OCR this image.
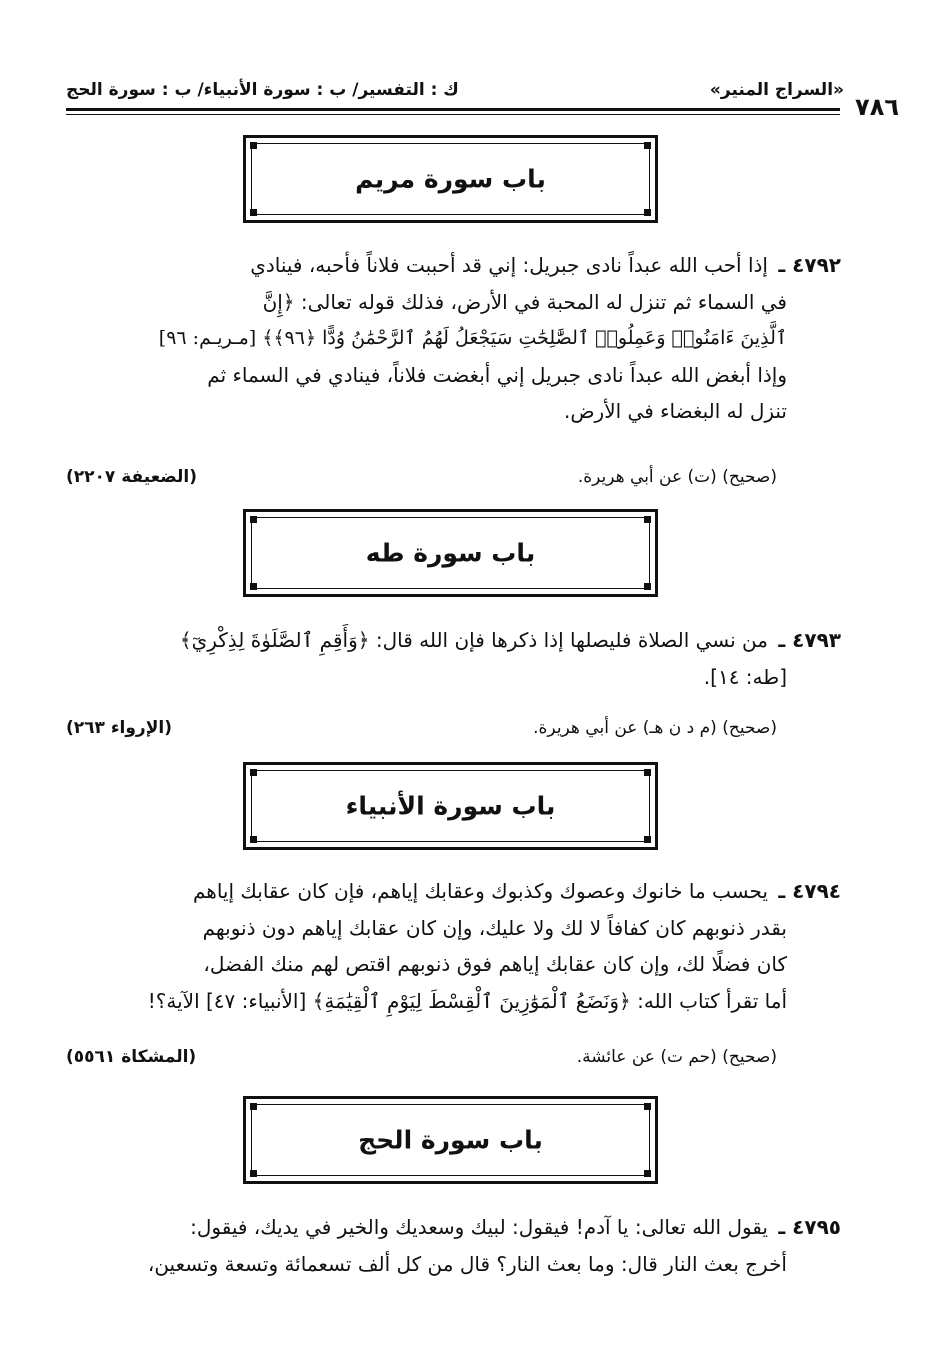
«السراج المنير»
ك : التفسير/ ب : سورة الأنبياء/ ب : سورة الحج
٧٨٦
باب سورة مريم
٤٧٩٢ ـ إذا أحب الله عبداً نادى جبريل: إني قد أحببت فلاناً فأحبه، فينادي
في السماء ثم تنزل له المحبة في الأرض، فذلك قوله تعالى: ﴿إِنَّ
ٱلَّذِينَ ءَامَنُوا۟ وَعَمِلُوا۟ ٱلصَّٰلِحَٰتِ سَيَجْعَلُ لَهُمُ ٱلرَّحْمَٰنُ وُدًّا ﴿٩٦﴾﴾ [مـريـم: ٩٦]
وإذا أبغض الله عبداً نادى جبريل إني أبغضت فلاناً، فينادي في السماء ثم
تنزل له البغضاء في الأرض.
(صحيح) (ت) عن أبي هريرة.
(الضعيفة ٢٢٠٧)
باب سورة طه
٤٧٩٣ ـ من نسي الصلاة فليصلها إذا ذكرها فإن الله قال: ﴿وَأَقِمِ ٱلصَّلَوٰةَ لِذِكْرِيٓ﴾
[طه: ١٤].
(صحيح) (م د ن هـ) عن أبي هريرة.
(الإرواء ٢٦٣)
باب سورة الأنبياء
٤٧٩٤ ـ يحسب ما خانوك وعصوك وكذبوك وعقابك إياهم، فإن كان عقابك إياهم
بقدر ذنوبهم كان كفافاً لا لك ولا عليك، وإن كان عقابك إياهم دون ذنوبهم
كان فضلًا لك، وإن كان عقابك إياهم فوق ذنوبهم اقتص لهم منك الفضل،
أما تقرأ كتاب الله: ﴿وَنَضَعُ ٱلْمَوَٰزِينَ ٱلْقِسْطَ لِيَوْمِ ٱلْقِيَٰمَةِ﴾ [الأنبياء: ٤٧] الآية؟!
(صحيح) (حم ت) عن عائشة.
(المشكاة ٥٥٦١)
باب سورة الحج
٤٧٩٥ ـ يقول الله تعالى: يا آدم! فيقول: لبيك وسعديك والخير في يديك، فيقول:
أخرج بعث النار قال: وما بعث النار؟ قال من كل ألف تسعمائة وتسعة وتسعين،
